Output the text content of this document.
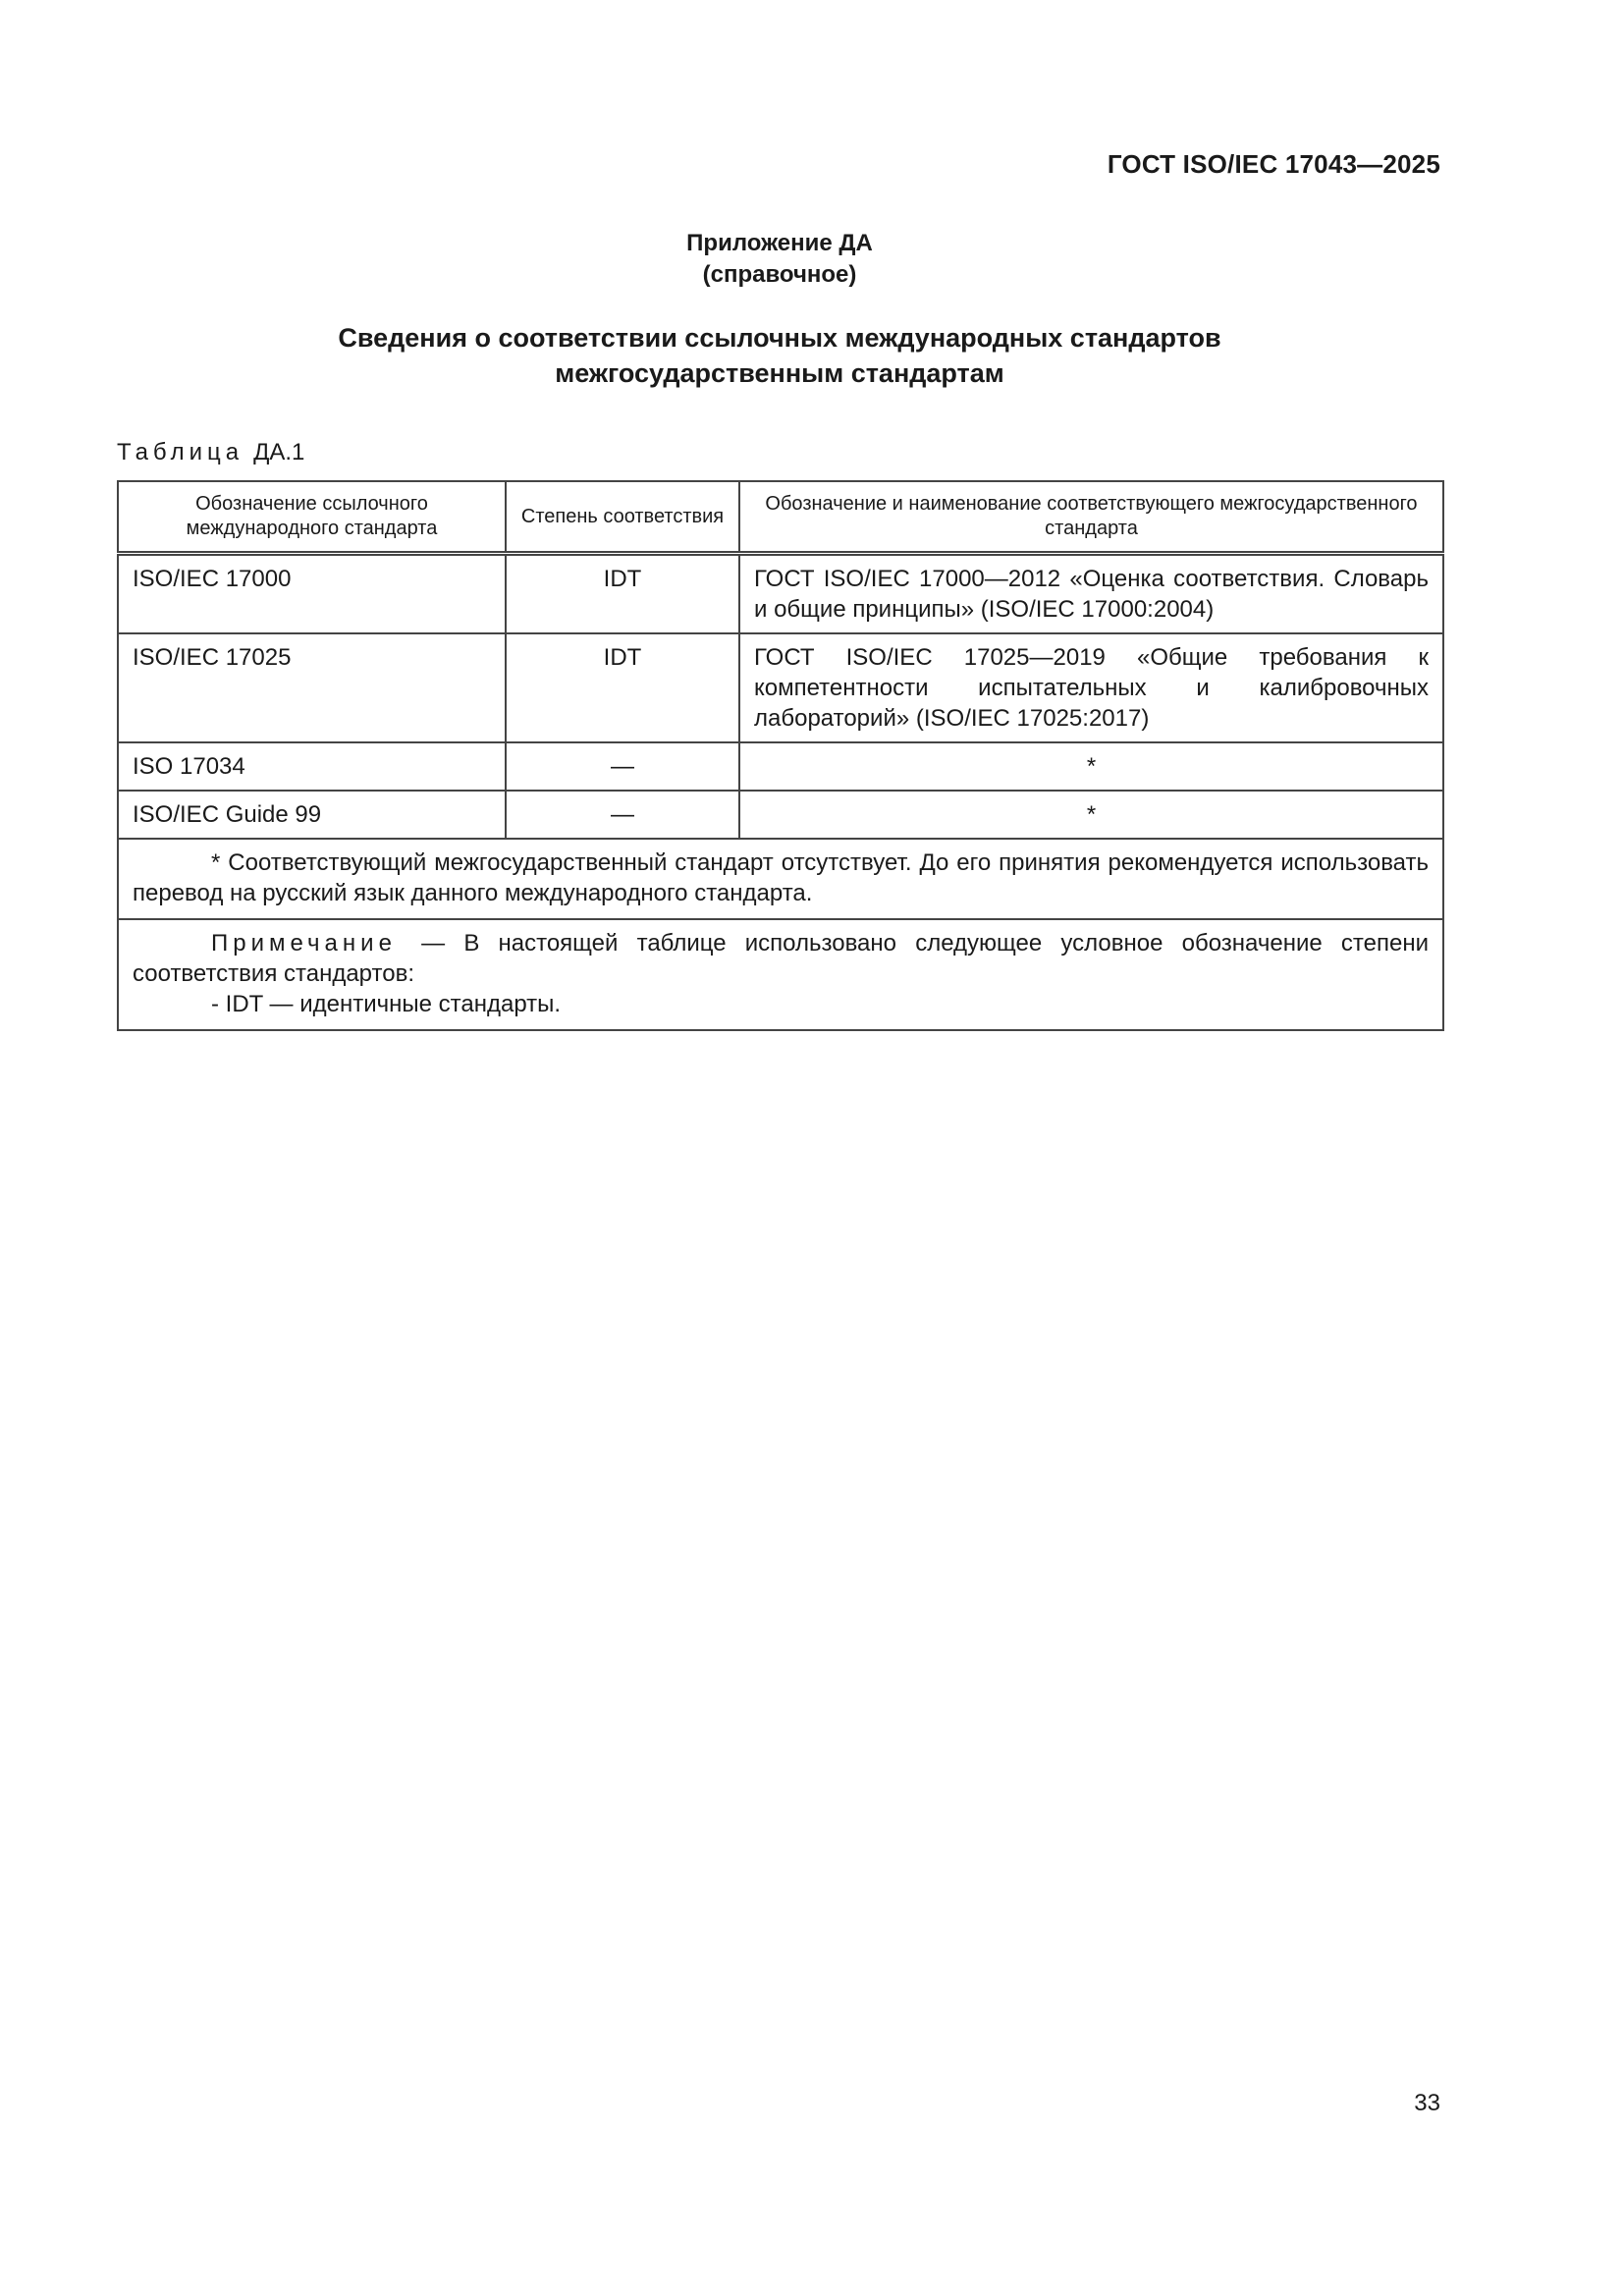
ГОСТ ISO/IEC 17043—2025
Приложение ДА
(справочное)
Сведения о соответствии ссылочных международных стандартов
межгосударственным стандартам
Таблица ДА.1
Обозначение ссылочного международного стандарта	Степень соответствия	Обозначение и наименование соответствующего межгосударственного стандарта
ISO/IEC 17000	IDT	ГОСТ ISO/IEC 17000—2012 «Оценка соответствия. Словарь и общие принципы» (ISO/IEC 17000:2004)
ISO/IEC 17025	IDT	ГОСТ ISO/IEC 17025—2019 «Общие требования к компетентности испытательных и калибровочных лабораторий» (ISO/IEC 17025:2017)
ISO 17034	—	*
ISO/IEC Guide 99	—	*

* Соответствующий межгосударственный стандарт отсутствует. До его принятия рекомендуется использовать перевод на русский язык данного международного стандарта.		

Примечание — В настоящей таблице использовано следующее условное обозначение степени соответствия стандартов:
- IDT — идентичные стандарты.		
33
